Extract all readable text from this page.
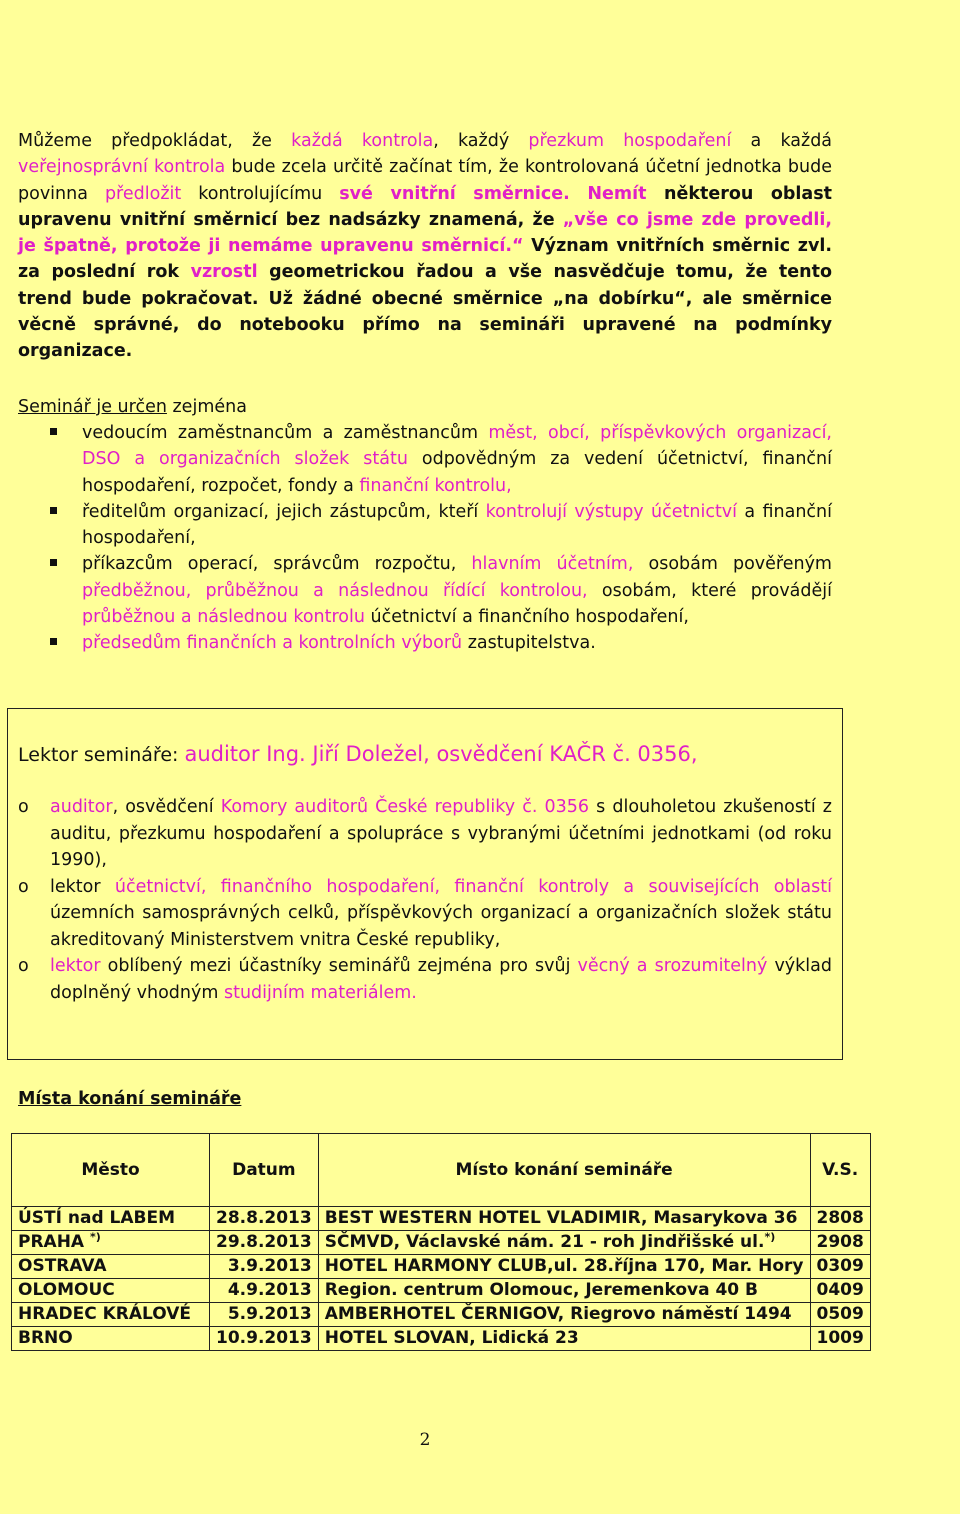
Můžeme předpokládat, že každá kontrola, každý přezkum hospodaření a každá veřejnosprávní kontrola bude zcela určitě začínat tím, že kontrolovaná účetní jednotka bude povinna předložit kontrolujícímu své vnitřní směrnice. Nemít některou oblast upravenu vnitřní směrnicí bez nadsázky znamená, že „vše co jsme zde provedli, je špatně, protože ji nemáme upravenu směrnicí.“ Význam vnitřních směrnic zvl. za poslední rok vzrostl geometrickou řadou a vše nasvědčuje tomu, že tento trend bude pokračovat. Už žádné obecné směrnice „na dobírku“, ale směrnice věcně správné, do notebooku přímo na semináři upravené na podmínky organizace.
Seminář je určen zejména
vedoucím zaměstnancům a zaměstnancům měst, obcí, příspěvkových organizací, DSO a organizačních složek státu odpovědným za vedení účetnictví, finanční hospodaření, rozpočet, fondy a finanční kontrolu,
ředitelům organizací, jejich zástupcům, kteří kontrolují výstupy účetnictví a finanční hospodaření,
příkazcům operací, správcům rozpočtu, hlavním účetním, osobám pověřeným předběžnou, průběžnou a následnou řídící kontrolou, osobám, které provádějí průběžnou a následnou kontrolu účetnictví a finančního hospodaření,
předsedům finančních a kontrolních výborů zastupitelstva.
Lektor semináře: auditor Ing. Jiří Doležel, osvědčení KAČR č. 0356,
o auditor, osvědčení Komory auditorů České republiky č. 0356 s dlouholetou zkušeností z auditu, přezkumu hospodaření a spolupráce s vybranými účetními jednotkami (od roku 1990),
o lektor účetnictví, finančního hospodaření, finanční kontroly a souvisejících oblastí územních samosprávných celků, příspěvkových organizací a organizačních složek státu akreditovaný Ministerstvem vnitra České republiky,
o lektor oblíbený mezi účastníky seminářů zejména pro svůj věcný a srozumitelný výklad doplněný vhodným studijním materiálem.
Místa konání semináře
Město	Datum	Místo konání semináře	V.S.
ÚSTÍ nad LABEM	28.8.2013	BEST WESTERN HOTEL VLADIMIR, Masarykova 36	2808
PRAHA *)	29.8.2013	SČMVD, Václavské nám. 21 - roh Jindřišské ul.*)	2908
OSTRAVA	3.9.2013	HOTEL HARMONY CLUB,ul. 28.října 170, Mar. Hory	0309
OLOMOUC	4.9.2013	Region. centrum Olomouc, Jeremenkova 40 B	0409
HRADEC KRÁLOVÉ	5.9.2013	AMBERHOTEL ČERNIGOV, Riegrovo náměstí 1494	0509
BRNO	10.9.2013	HOTEL SLOVAN, Lidická 23	1009
2
